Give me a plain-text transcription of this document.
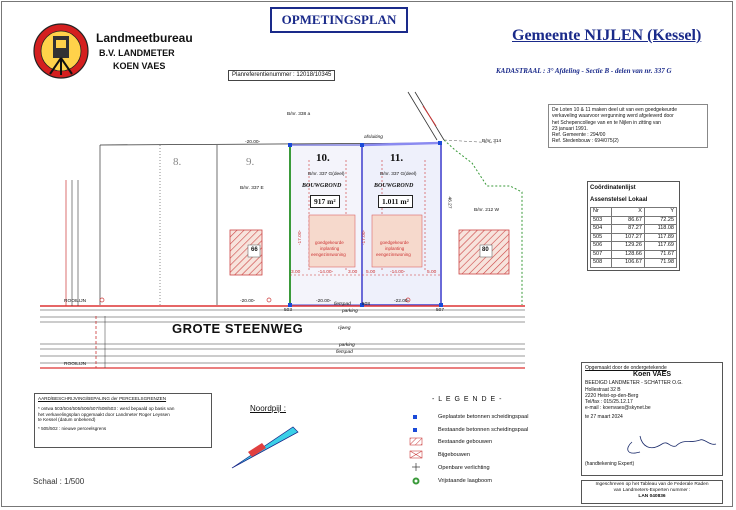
Landmeetbureau
B.V. LANDMETER
KOEN VAES
OPMETINGSPLAN
Gemeente NIJLEN (Kessel)
KADASTRAAL : 3° Afdeling - Sectie B - delen van nr. 337 G
Planreferentienummer : 12018/10345
De Loten 10 & 11 maken deel uit van een goedgekeurde
verkaveling waarvoor vergunning werd afgeleverd door
het Schepencollege van en te Nijlen in zitting van
23 januari 1991.
Ref. Gemeente : 294/00
Ref. Stedenbouw : 694/075(2)
Coördinatenlijst
Assenstelsel Lokaal
Nr	X	Y
503	86.67	72.25
504	87.27	118.08
505	107.27	117.89
506	129.26	117.69
507	128.66	71.67
508	106.67	71.98
8.	9.	10.	11.
B/nr. 337 G(deel)	B/nr. 337 G(deel)
BOUWGROND	BOUWGROND
917 m²	1.011 m²
goedgekeurde
inplanting
eengezinswoning
goedgekeurde
inplanting
eengezinswoning
B/nr. 337 E
B/nr. 338 a
B/nr. 314
B/nr. 212 W
66	80
afsluiting
-20.00-
-20.00-	-20.00-	-22.00-
-14.00-	-14.00-
3.00	3.00 5.00	5.00
-17.00-	-17.00-
46.27
ROOILIJN
ROOILIJN
parking
parking
fietspad
fietspad
rijweg
GROTE STEENWEG
503
508
507
AARD/BESCHRIJVING/BEPALING der PERCEELSGRENZEN
* ontwa 503/504/505/506/507/508/503 : werd bepaald op basis van
het verkavelingsplan opgemaakt door Landmeter Roger Leyssen
te Kessel (datum onbekend)
* 505/502 : nieuwe perceelsgrens
Noordpijl :
Schaal : 1/500
- L E G E N D E -
Geplaatste betonnen scheidingspaal
Bestaande betonnen scheidingspaal
Bestaande gebouwen
Bijgebouwen
Openbare verlichting
Vrijstaande laagboom
Opgemaakt door de ondergetekende
Koen VAES
BEEDIGD LANDMETER - SCHATTER O.G.
Hollestraat 32 B
2220 Heist-op-den-Berg
Tel/fax : 015/25.12.17
e-mail : koenvaes@skynet.be
te 27 maart 2024
(handtekening Expert)
Ingeschreven op het Tableau van de Federale Raden
van Landmeters-Experten nummer :
LAN 040836
